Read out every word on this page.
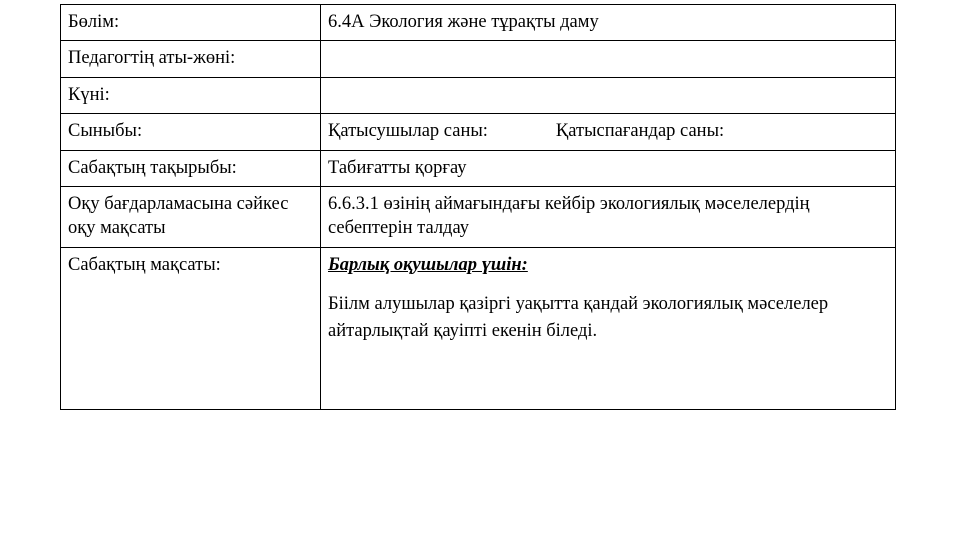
Бөлім:	6.4А Экология және тұрақты даму
Педагогтің аты-жөні:	
Күні:	
Сыныбы:	Қатысушылар саны: Қатыспағандар саны:

Сабақтың тақырыбы:	Табиғатты қорғау
Оқу бағдарламасына сәйкес оқу мақсаты	6.6.3.1 өзінің аймағындағы кейбір экологиялық мәселелердің себептерін талдау
Сабақтың мақсаты:	Барлық оқушылар үшін:
Біілм алушылар қазіргі уақытта қандай экологиялық мәселелер айтарлықтай қауіпті екенін біледі.
